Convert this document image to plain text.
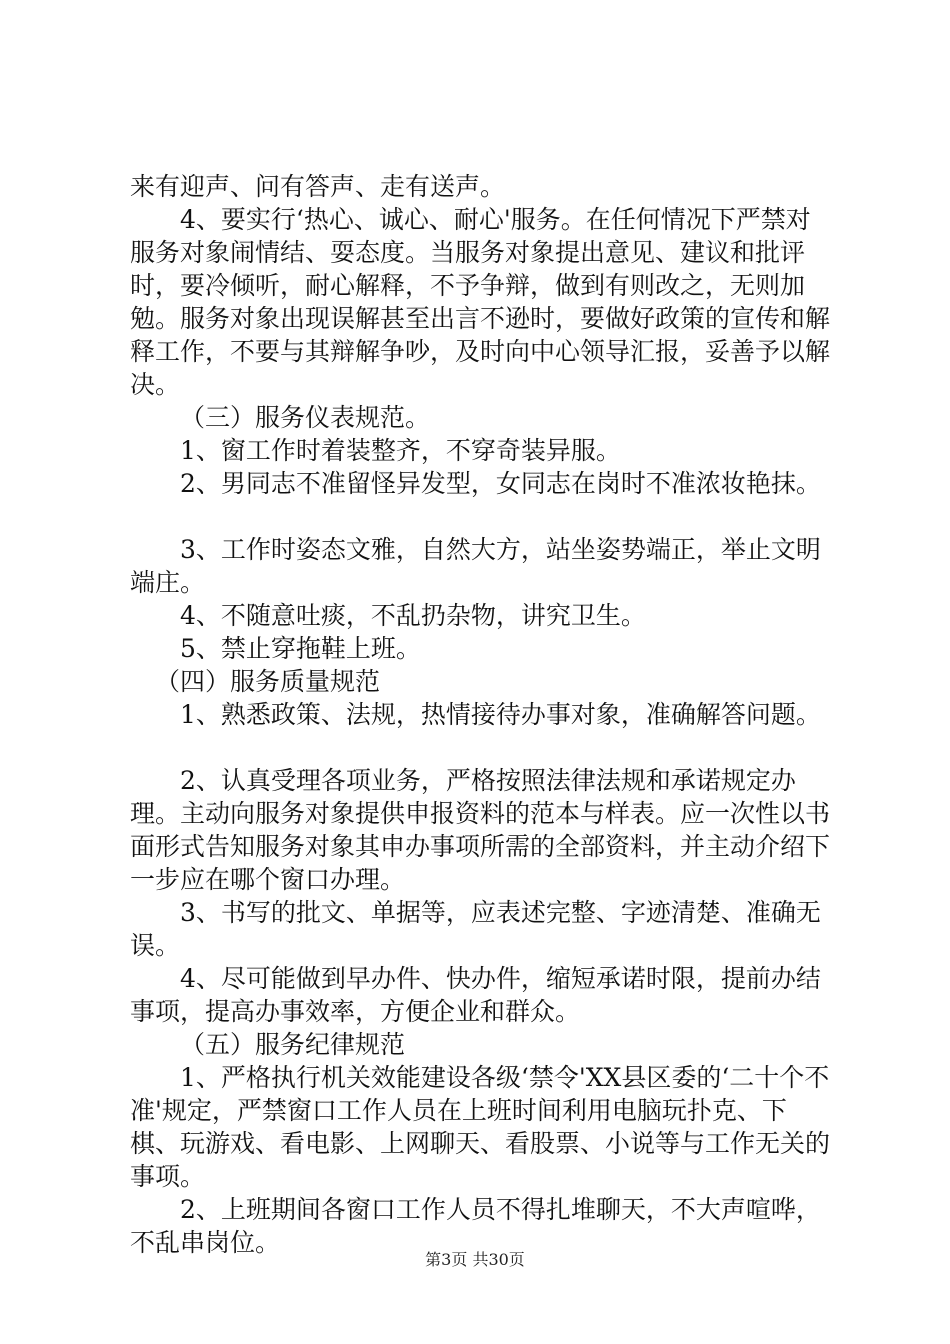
来有迎声、问有答声、走有送声。

4、要实行‘热心、诚心、耐心'服务。在任何情况下严禁对服务对象闹情结、耍态度。当服务对象提出意见、建议和批评时，要冷倾听，耐心解释，不予争辩，做到有则改之，无则加勉。服务对象出现误解甚至出言不逊时，要做好政策的宣传和解释工作，不要与其辩解争吵，及时向中心领导汇报，妥善予以解决。

（三）服务仪表规范。

1、窗工作时着装整齐，不穿奇装异服。

2、男同志不准留怪异发型，女同志在岗时不准浓妆艳抹。

3、工作时姿态文雅，自然大方，站坐姿势端正，举止文明端庄。

4、不随意吐痰，不乱扔杂物，讲究卫生。

5、禁止穿拖鞋上班。

（四）服务质量规范

1、熟悉政策、法规，热情接待办事对象，准确解答问题。

2、认真受理各项业务，严格按照法律法规和承诺规定办理。主动向服务对象提供申报资料的范本与样表。应一次性以书面形式告知服务对象其申办事项所需的全部资料，并主动介绍下一步应在哪个窗口办理。

3、书写的批文、单据等，应表述完整、字迹清楚、准确无误。

4、尽可能做到早办件、快办件，缩短承诺时限，提前办结事项，提高办事效率，方便企业和群众。

（五）服务纪律规范

1、严格执行机关效能建设各级‘禁令'XX县区委的‘二十个不准'规定，严禁窗口工作人员在上班时间利用电脑玩扑克、下棋、玩游戏、看电影、上网聊天、看股票、小说等与工作无关的事项。

2、上班期间各窗口工作人员不得扎堆聊天，不大声喧哗，不乱串岗位。

第3页 共30页
